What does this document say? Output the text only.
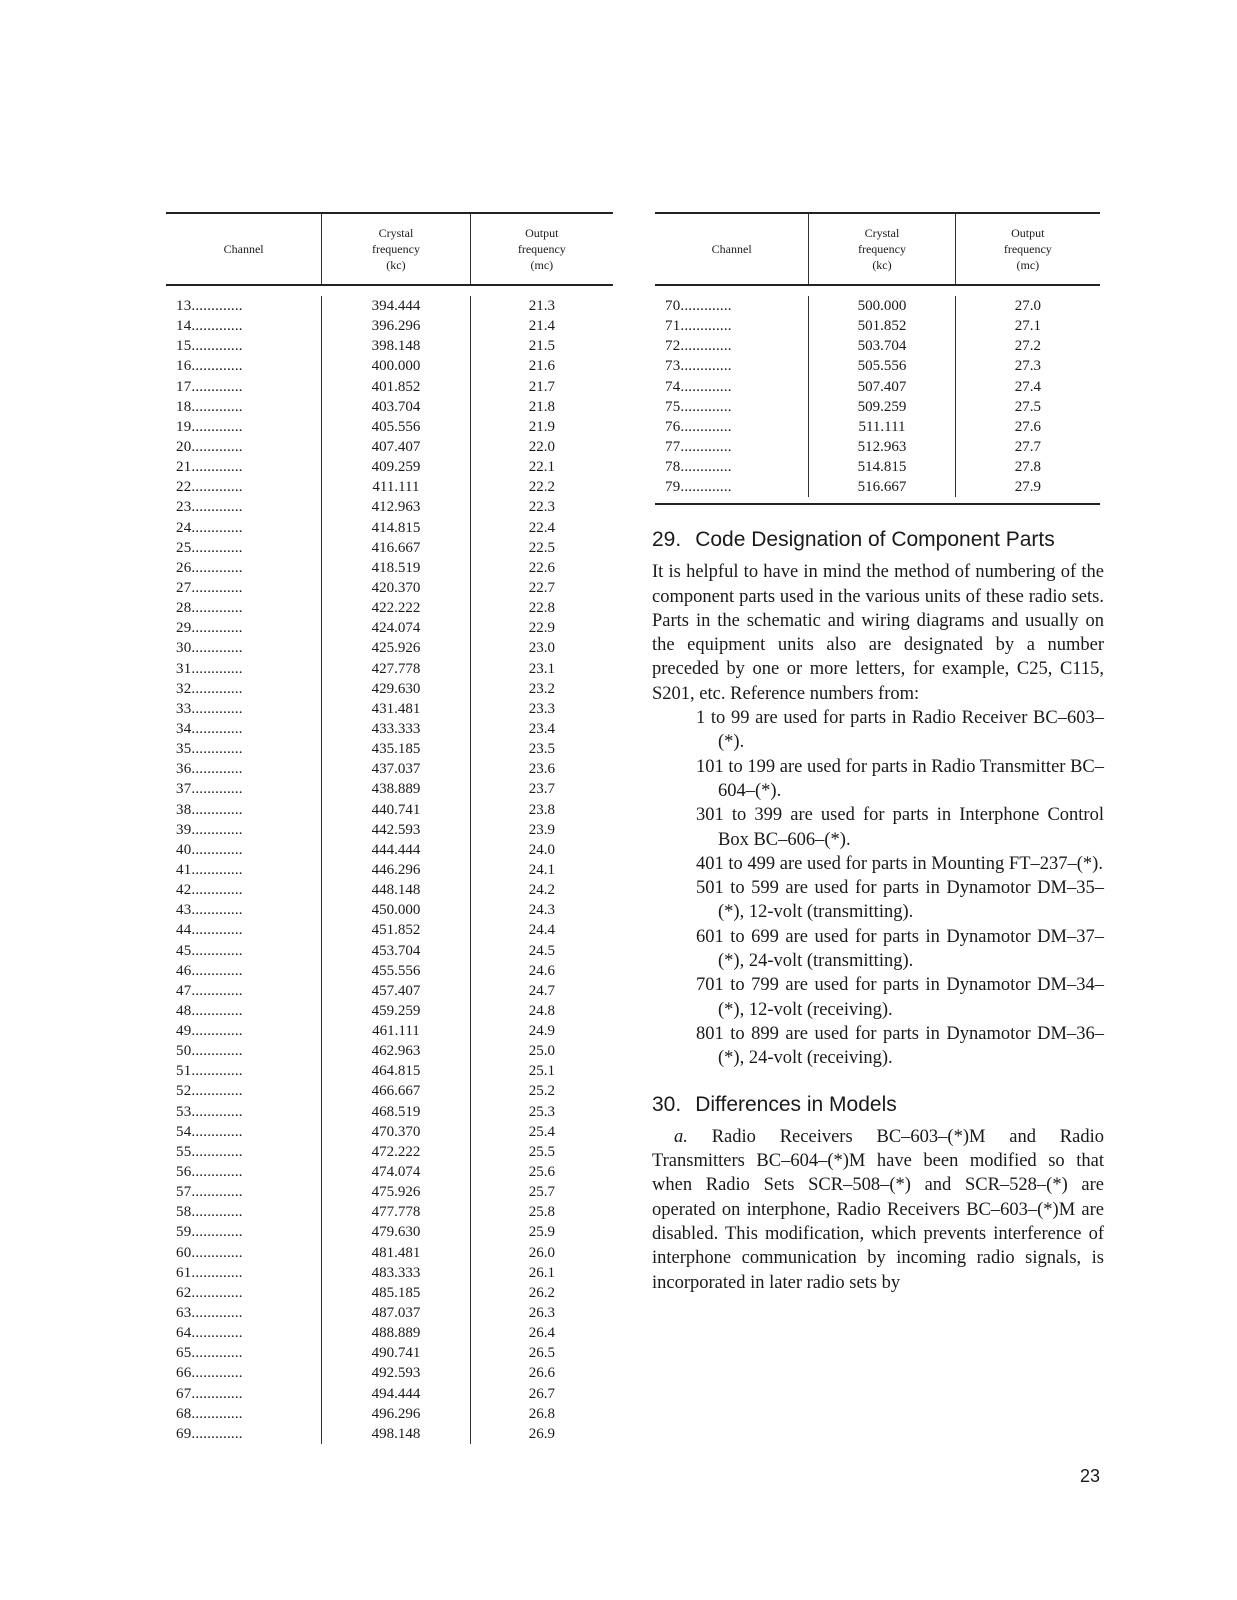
Channel
Crystal
frequency
(kc)
Output
frequency
(mc)
13.............
14.............
15.............
16.............
17.............
18.............
19.............
20.............
21.............
22.............
23.............
24.............
25.............
26.............
27.............
28.............
29.............
30.............
31.............
32.............
33.............
34.............
35.............
36.............
37.............
38.............
39.............
40.............
41.............
42.............
43.............
44.............
45.............
46.............
47.............
48.............
49.............
50.............
51.............
52.............
53.............
54.............
55.............
56.............
57.............
58.............
59.............
60.............
61.............
62.............
63.............
64.............
65.............
66.............
67.............
68.............
69.............
394.444
396.296
398.148
400.000
401.852
403.704
405.556
407.407
409.259
411.111
412.963
414.815
416.667
418.519
420.370
422.222
424.074
425.926
427.778
429.630
431.481
433.333
435.185
437.037
438.889
440.741
442.593
444.444
446.296
448.148
450.000
451.852
453.704
455.556
457.407
459.259
461.111
462.963
464.815
466.667
468.519
470.370
472.222
474.074
475.926
477.778
479.630
481.481
483.333
485.185
487.037
488.889
490.741
492.593
494.444
496.296
498.148
21.3
21.4
21.5
21.6
21.7
21.8
21.9
22.0
22.1
22.2
22.3
22.4
22.5
22.6
22.7
22.8
22.9
23.0
23.1
23.2
23.3
23.4
23.5
23.6
23.7
23.8
23.9
24.0
24.1
24.2
24.3
24.4
24.5
24.6
24.7
24.8
24.9
25.0
25.1
25.2
25.3
25.4
25.5
25.6
25.7
25.8
25.9
26.0
26.1
26.2
26.3
26.4
26.5
26.6
26.7
26.8
26.9
Channel
Crystal
frequency
(kc)
Output
frequency
(mc)
70.............
71.............
72.............
73.............
74.............
75.............
76.............
77.............
78.............
79.............
500.000
501.852
503.704
505.556
507.407
509.259
511.111
512.963
514.815
516.667
27.0
27.1
27.2
27.3
27.4
27.5
27.6
27.7
27.8
27.9
29. Code Designation of Component Parts

It is helpful to have in mind the method of numbering of the component parts used in the various units of these radio sets. Parts in the schematic and wiring diagrams and usually on the equipment units also are designated by a number preceded by one or more letters, for example, C25, C115, S201, etc. Reference numbers from:

1 to 99 are used for parts in Radio Receiver BC–603–(*).
101 to 199 are used for parts in Radio Transmitter BC–604–(*).
301 to 399 are used for parts in Interphone Control Box BC–606–(*).
401 to 499 are used for parts in Mounting FT–237–(*).
501 to 599 are used for parts in Dynamotor DM–35–(*), 12-volt (transmitting).
601 to 699 are used for parts in Dynamotor DM–37–(*), 24-volt (transmitting).
701 to 799 are used for parts in Dynamotor DM–34–(*), 12-volt (receiving).
801 to 899 are used for parts in Dynamotor DM–36–(*), 24-volt (receiving).
30. Differences in Models

a. Radio Receivers BC–603–(*)M and Radio Transmitters BC–604–(*)M have been modified so that when Radio Sets SCR–508–(*) and SCR–528–(*) are operated on interphone, Radio Receivers BC–603–(*)M are disabled. This modification, which prevents interference of interphone communication by incoming radio signals, is incorporated in later radio sets by

23
